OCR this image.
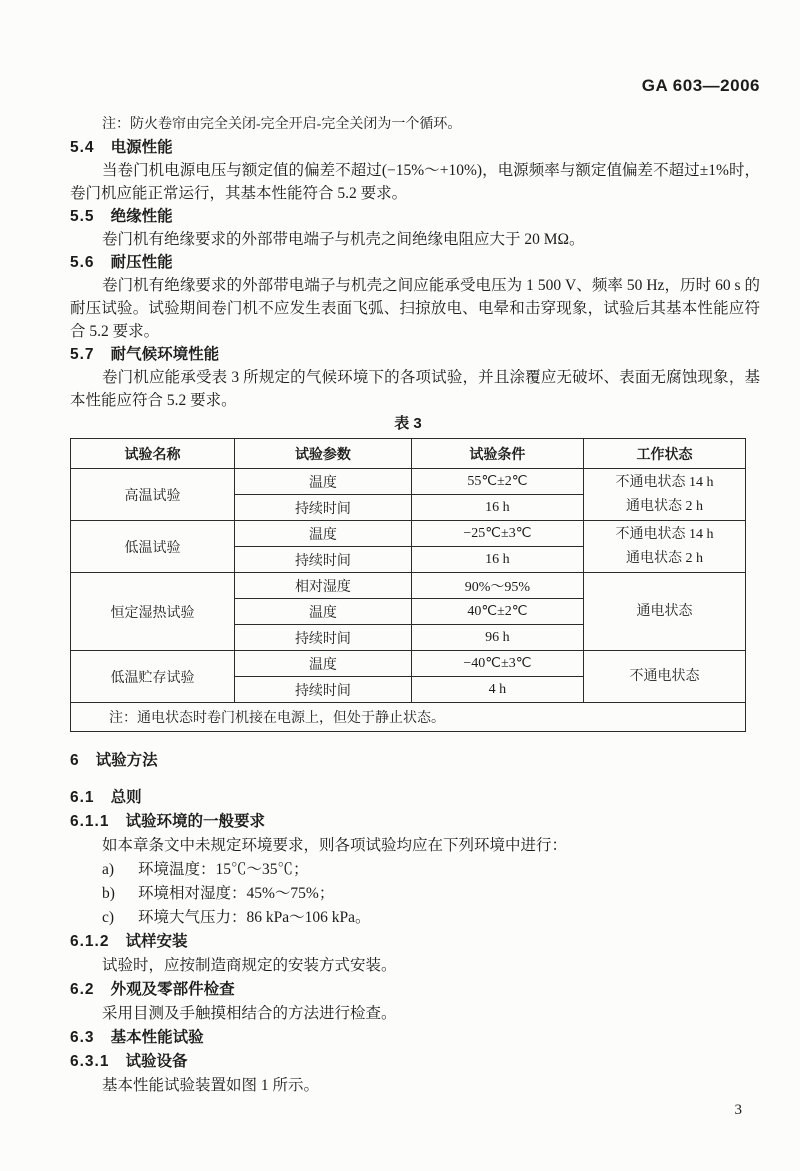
GA 603—2006
注：防火卷帘由完全关闭-完全开启-完全关闭为一个循环。
5.4 电源性能
当卷门机电源电压与额定值的偏差不超过(−15%～+10%)，电源频率与额定值偏差不超过±1%时，卷门机应能正常运行，其基本性能符合 5.2 要求。
5.5 绝缘性能
卷门机有绝缘要求的外部带电端子与机壳之间绝缘电阻应大于 20 MΩ。
5.6 耐压性能
卷门机有绝缘要求的外部带电端子与机壳之间应能承受电压为 1 500 V、频率 50 Hz，历时 60 s 的耐压试验。试验期间卷门机不应发生表面飞弧、扫掠放电、电晕和击穿现象，试验后其基本性能应符合 5.2 要求。
5.7 耐气候环境性能
卷门机应能承受表 3 所规定的气候环境下的各项试验，并且涂覆应无破坏、表面无腐蚀现象，基本性能应符合 5.2 要求。
表 3
试验名称	试验参数	试验条件	工作状态
高温试验	温度	55℃±2℃	不通电状态 14 h
通电状态 2 h

	持续时间	16 h	
低温试验	温度	−25℃±3℃	不通电状态 14 h
通电状态 2 h

	持续时间	16 h	
恒定湿热试验	相对湿度	90%～95%	通电状态

	温度	40℃±2℃	
	持续时间	96 h	
低温贮存试验	温度	−40℃±3℃	不通电状态

	持续时间	4 h	
注：通电状态时卷门机接在电源上，但处于静止状态。			
6 试验方法
6.1 总则
6.1.1 试验环境的一般要求
如本章条文中未规定环境要求，则各项试验均应在下列环境中进行：
a) 环境温度：15℃～35℃；
b) 环境相对湿度：45%～75%；
c) 环境大气压力：86 kPa～106 kPa。
6.1.2 试样安装
试验时，应按制造商规定的安装方式安装。
6.2 外观及零部件检查
采用目测及手触摸相结合的方法进行检查。
6.3 基本性能试验
6.3.1 试验设备
基本性能试验装置如图 1 所示。
3
